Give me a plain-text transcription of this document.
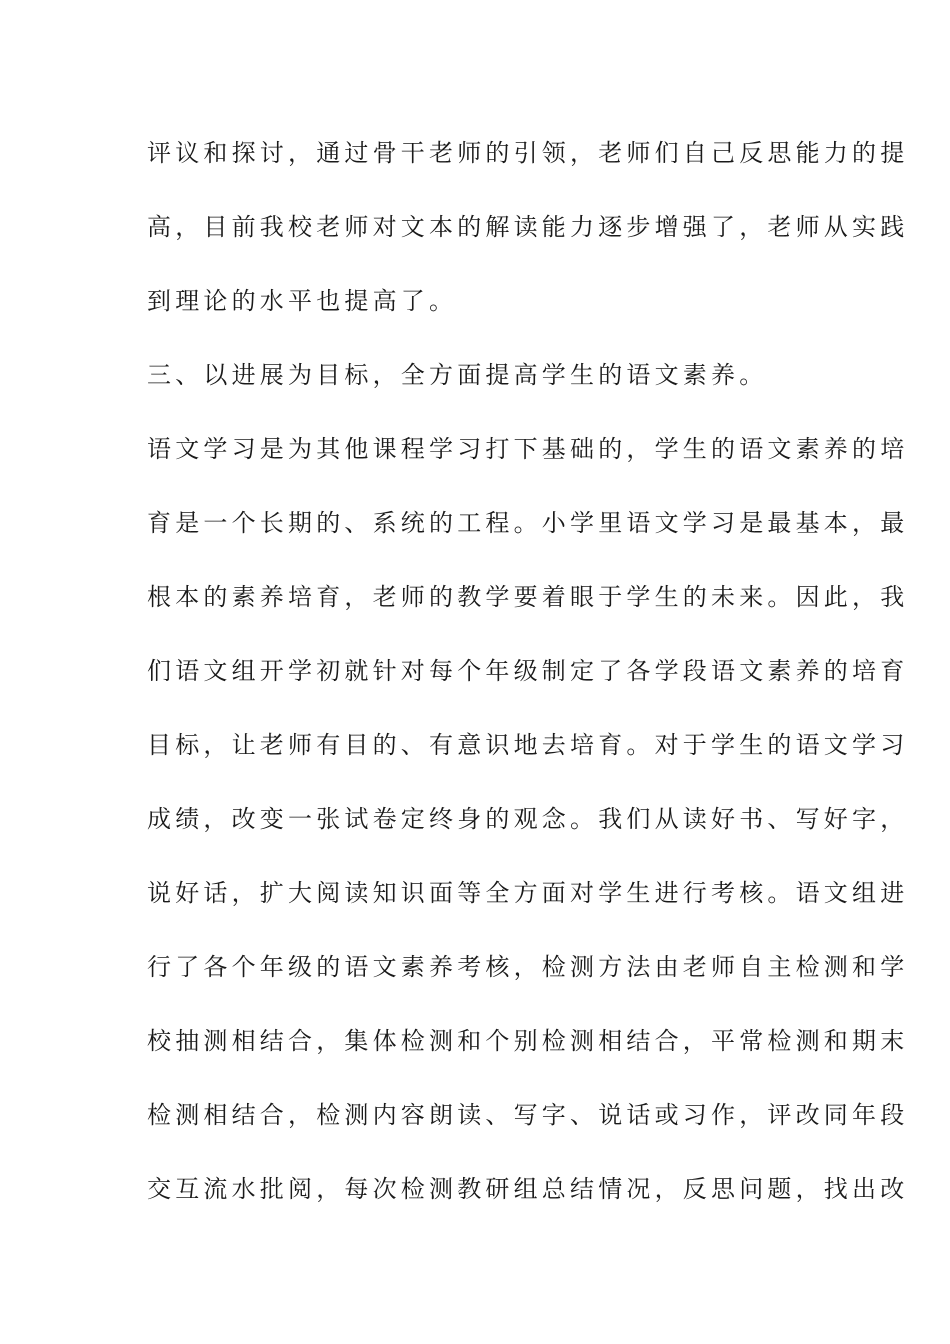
评议和探讨，通过骨干老师的引领，老师们自己反思能力的提
高，目前我校老师对文本的解读能力逐步增强了，老师从实践
到理论的水平也提高了。
三、以进展为目标，全方面提高学生的语文素养。
语文学习是为其他课程学习打下基础的，学生的语文素养的培
育是一个长期的、系统的工程。小学里语文学习是最基本，最
根本的素养培育，老师的教学要着眼于学生的未来。因此，我
们语文组开学初就针对每个年级制定了各学段语文素养的培育
目标，让老师有目的、有意识地去培育。对于学生的语文学习
成绩，改变一张试卷定终身的观念。我们从读好书、写好字，
说好话，扩大阅读知识面等全方面对学生进行考核。语文组进
行了各个年级的语文素养考核，检测方法由老师自主检测和学
校抽测相结合，集体检测和个别检测相结合，平常检测和期末
检测相结合，检测内容朗读、写字、说话或习作，评改同年段
交互流水批阅，每次检测教研组总结情况，反思问题，找出改
